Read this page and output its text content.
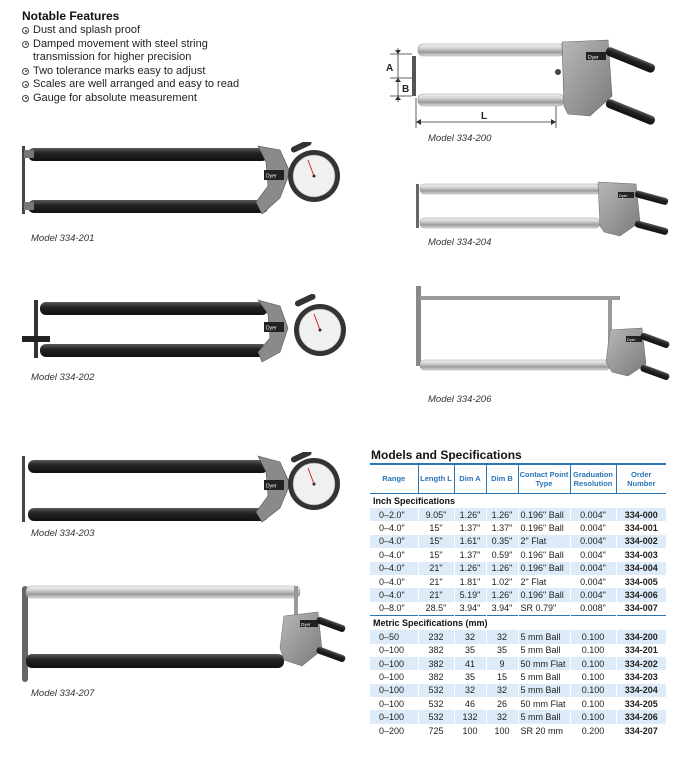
Notable Features
Dust and splash proof
Damped movement with steel string transmission for higher precision
Two tolerance marks easy to adjust
Scales are well arranged and easy to read
Gauge for absolute measurement
A
B
L
Dyer
Model 334-200
Dyer
Model 334-201
Dyer
Model 334-204
Dyer
Model 334-202
Dyer
Model 334-206
Dyer
Model 334-203
Dyer
Model 334-207
Models and Specifications
Range	Length L	Dim A	Dim B	Contact Point Type	Graduation Resolution	Order Number
Inch Specifications						
0–2.0"	9.05"	1.26"	1.26"	0.196" Ball	0.004"	334-000
0–4.0"	15"	1.37"	1.37"	0.196" Ball	0.004"	334-001
0–4.0"	15"	1.61"	0.35"	2" Flat	0.004"	334-002
0–4.0"	15"	1.37"	0.59"	0.196" Ball	0.004"	334-003
0–4.0"	21"	1.26"	1.26"	0.196" Ball	0.004"	334-004
0–4.0"	21"	1.81"	1.02"	2" Flat	0.004"	334-005
0–4.0"	21"	5.19"	1.26"	0.196" Ball	0.004"	334-006
0–8.0"	28.5"	3.94"	3.94"	SR 0.79"	0.008"	334-007
Metric Specifications (mm)						
0–50	232	32	32	5 mm Ball	0.100	334-200
0–100	382	35	35	5 mm Ball	0.100	334-201
0–100	382	41	9	50 mm Flat	0.100	334-202
0–100	382	35	15	5 mm Ball	0.100	334-203
0–100	532	32	32	5 mm Ball	0.100	334-204
0–100	532	46	26	50 mm Flat	0.100	334-205
0–100	532	132	32	5 mm Ball	0.100	334-206
0–200	725	100	100	SR 20 mm	0.200	334-207
